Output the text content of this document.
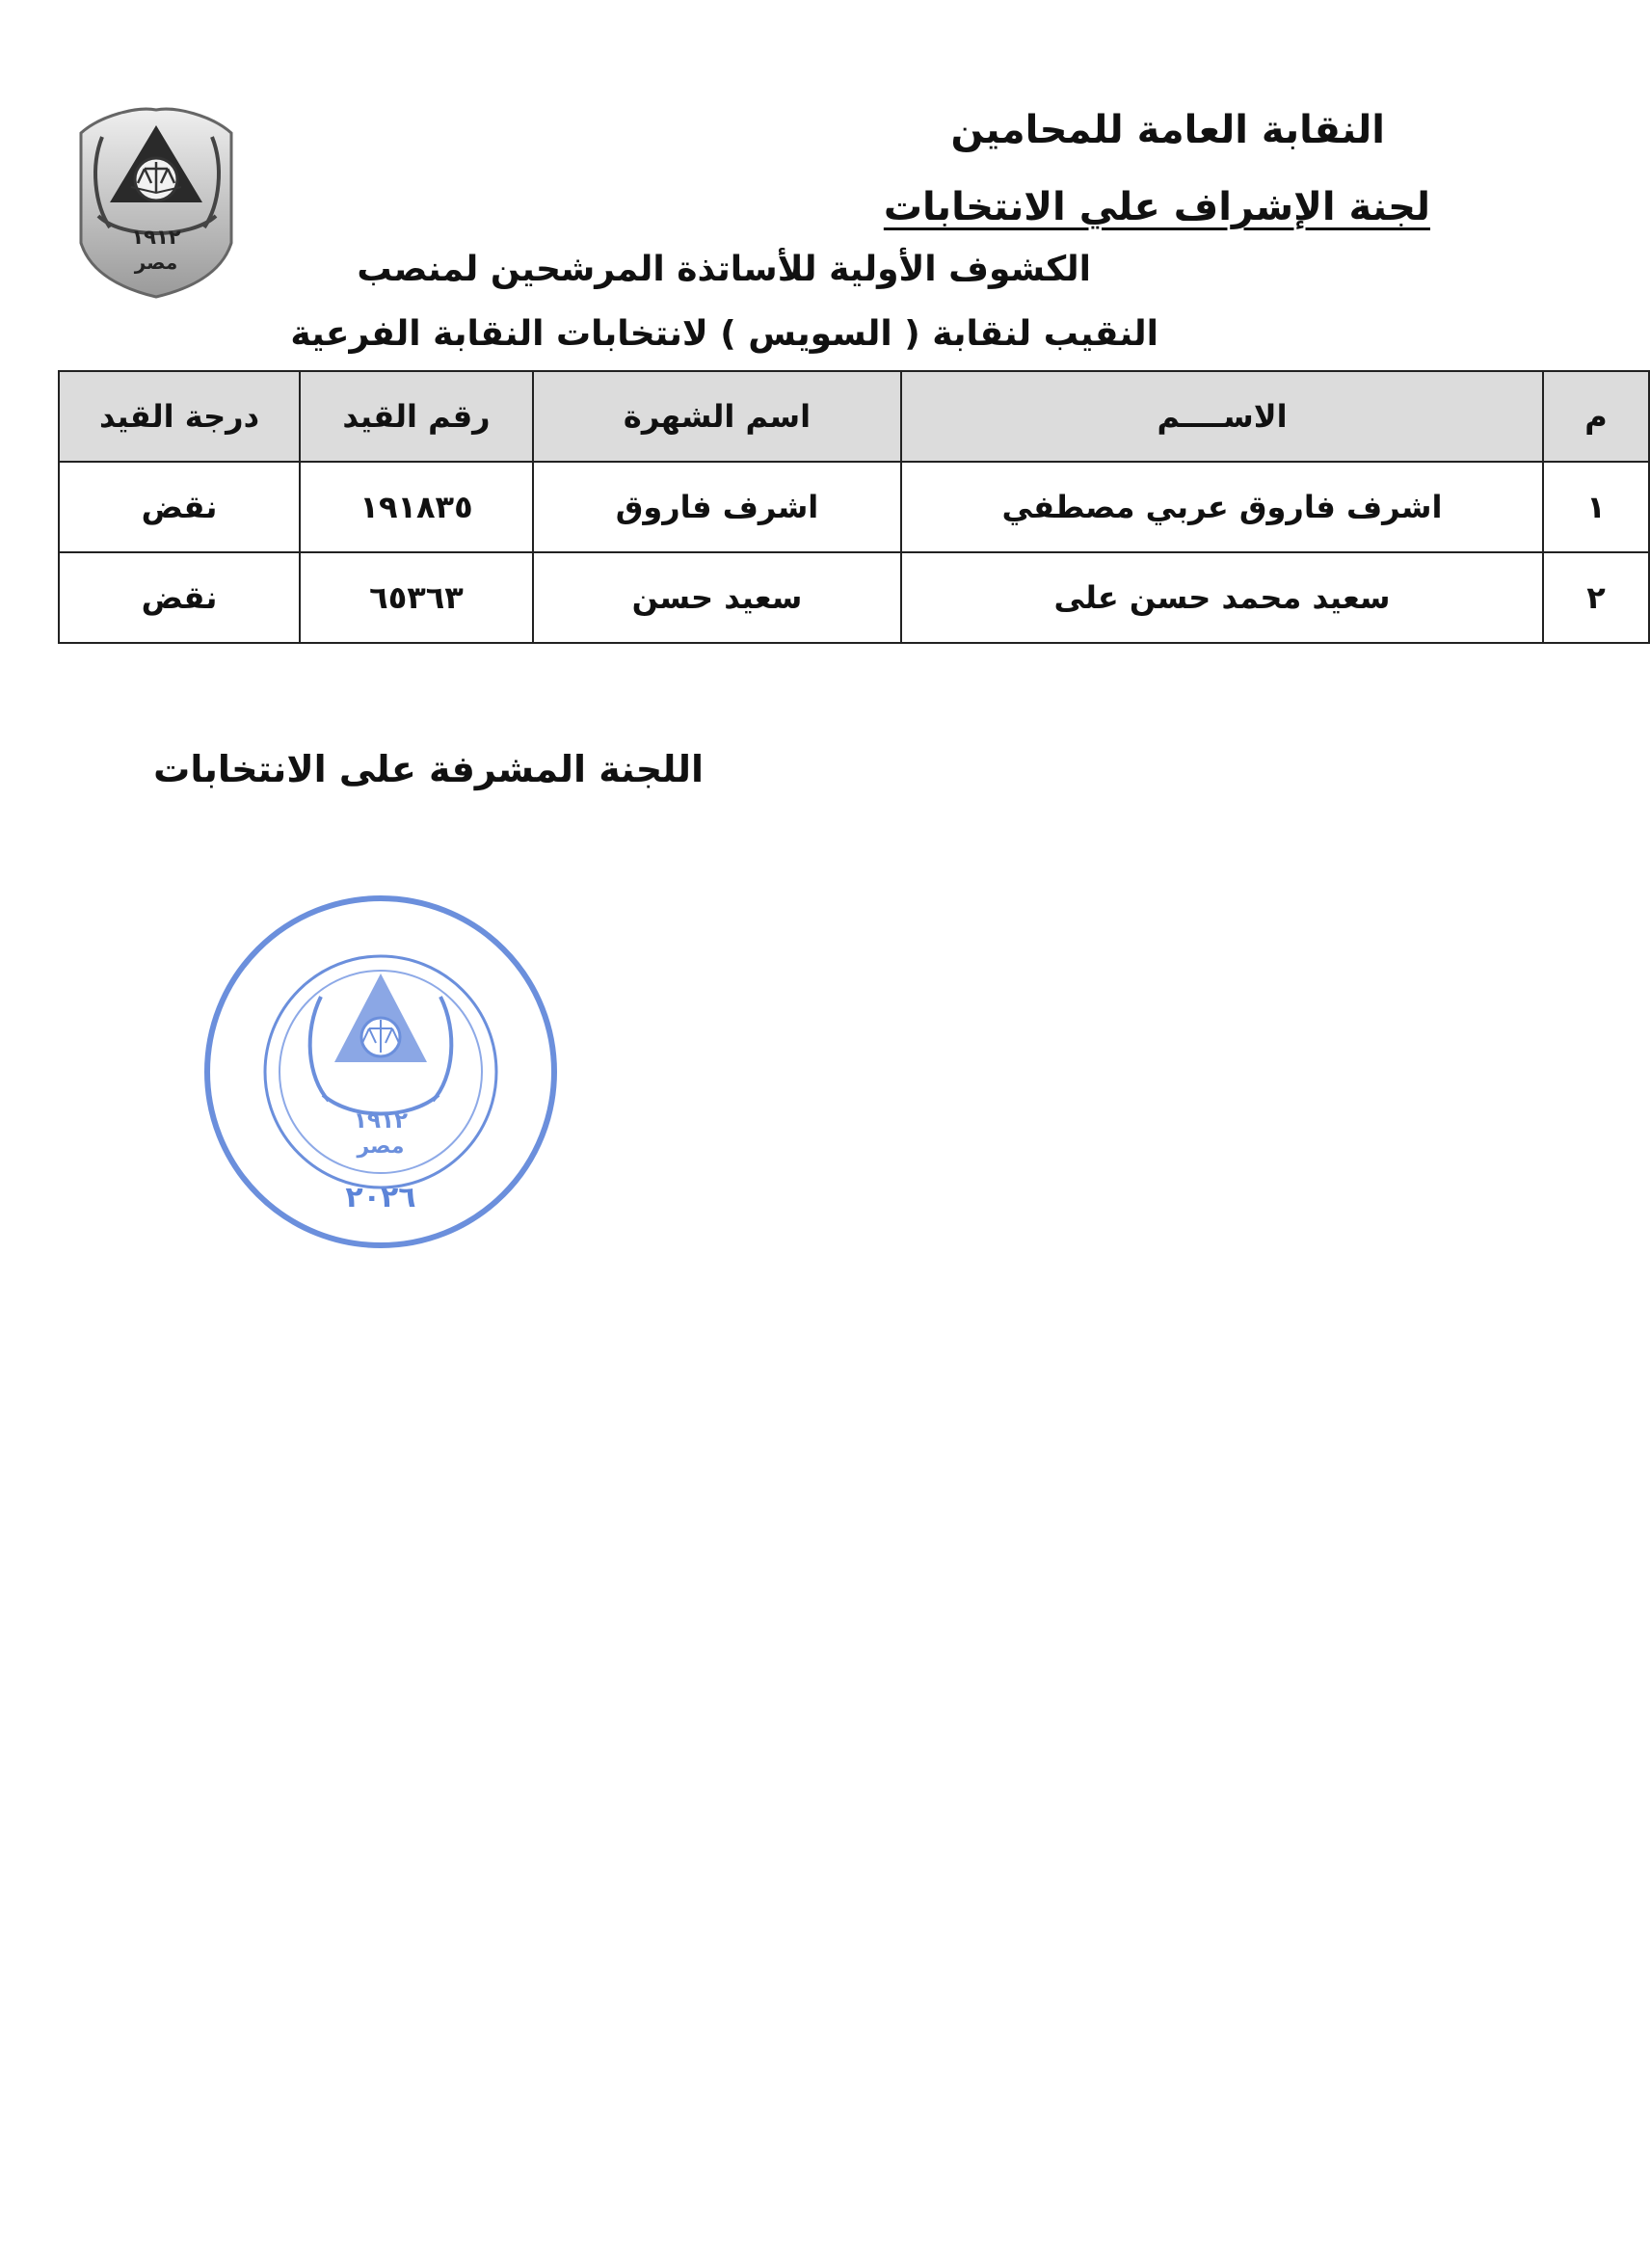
١٩١٢
مصر
النقابة العامة للمحامين
لجنة الإشراف علي الانتخابات
الكشوف الأولية للأساتذة المرشحين لمنصب
النقيب لنقابة ( السويس ) لانتخابات النقابة الفرعية
م	الاســــم	اسم الشهرة	رقم القيد	درجة القيد
١	اشرف فاروق عربي مصطفي	اشرف فاروق	١٩١٨٣٥	نقض
٢	سعيد محمد حسن على	سعيد حسن	٦٥٣٦٣	نقض
اللجنة المشرفة على الانتخابات
١٩١٢
مصر
٢٠٢٦
